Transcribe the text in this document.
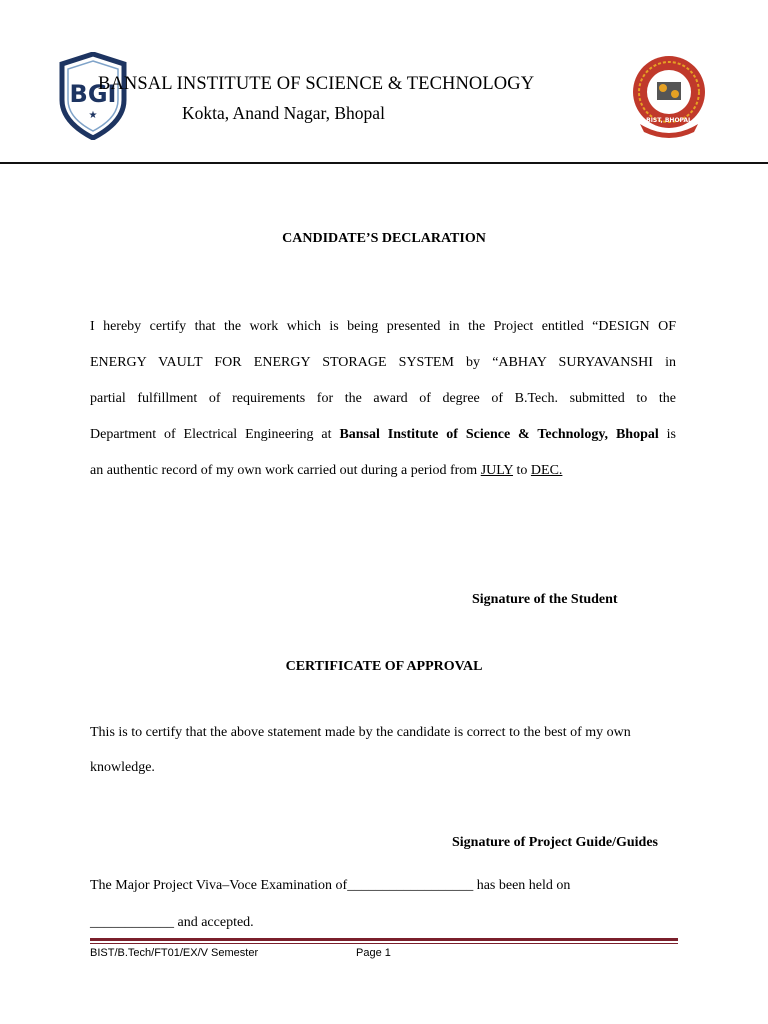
BGI
★
BANSAL INSTITUTE OF SCIENCE & TECHNOLOGY
Kokta, Anand Nagar, Bhopal	BIST, BHOPAL
CANDIDATE’S DECLARATION
I hereby certify that the work which is being presented in the Project entitled “DESIGN OF
ENERGY VAULT FOR ENERGY STORAGE SYSTEM by “ABHAY SURYAVANSHI in
partial fulfillment of requirements for the award of degree of B.Tech. submitted to the
Department of Electrical Engineering at Bansal Institute of Science & Technology, Bhopal is
an authentic record of my own work carried out during a period from JULY to DEC.
Signature of the Student
CERTIFICATE OF APPROVAL
This is to certify that the above statement made by the candidate is correct to the best of my own
knowledge.
Signature of Project Guide/Guides
The Major Project Viva–Voce Examination of__________________ has been held on
____________ and accepted.
BIST/B.Tech/FT01/EX/V Semester	Page 1
